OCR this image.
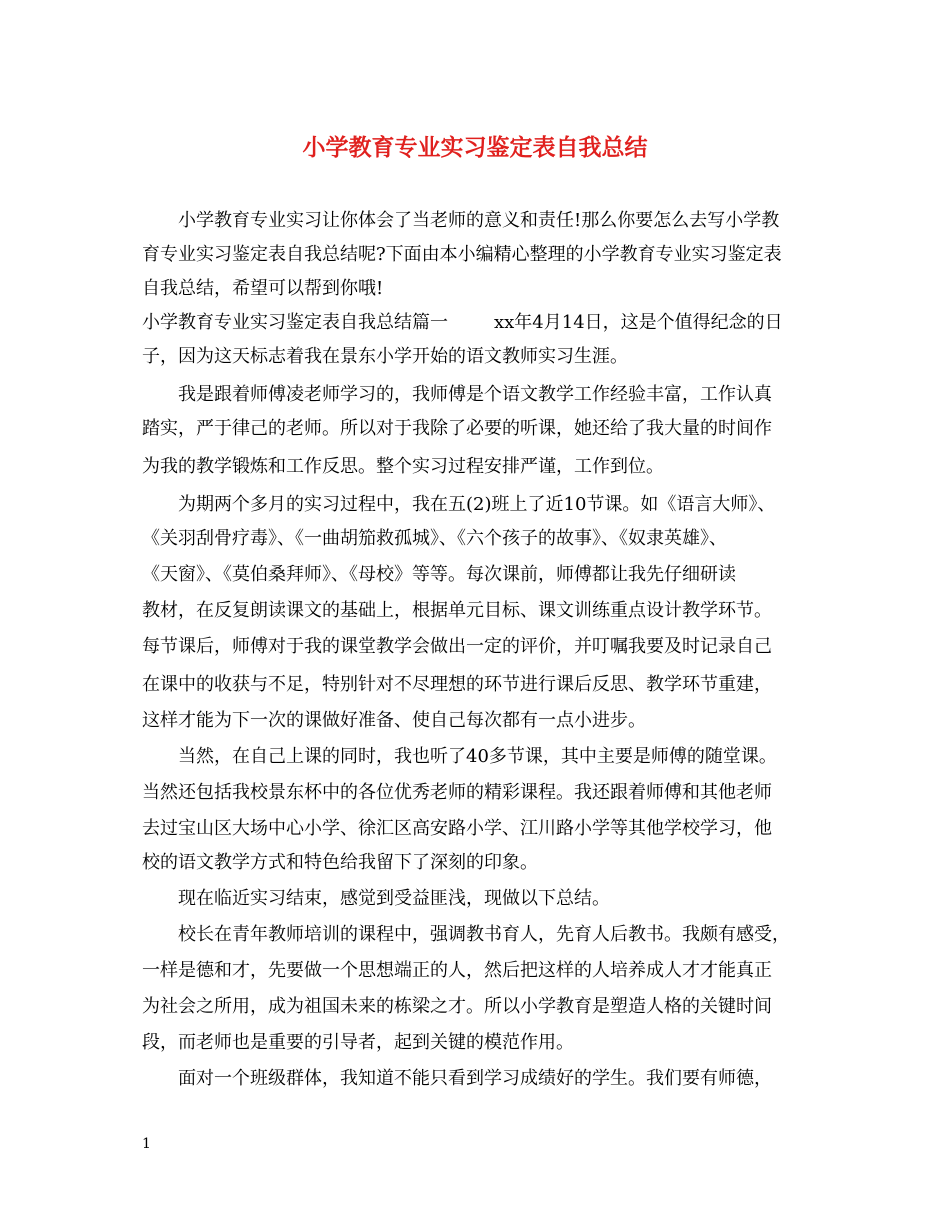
小学教育专业实习鉴定表自我总结

小学教育专业实习让你体会了当老师的意义和责任!那么你要怎么去写小学教

育专业实习鉴定表自我总结呢?下面由本小编精心整理的小学教育专业实习鉴定表

自我总结，希望可以帮到你哦!

小学教育专业实习鉴定表自我总结篇一	xx年4月14日，这是个值得纪念的日

子，因为这天标志着我在景东小学开始的语文教师实习生涯。

我是跟着师傅凌老师学习的，我师傅是个语文教学工作经验丰富，工作认真

踏实，严于律己的老师。所以对于我除了必要的听课，她还给了我大量的时间作

为我的教学锻炼和工作反思。整个实习过程安排严谨，工作到位。

为期两个多月的实习过程中，我在五(2)班上了近10节课。如《语言大师》、

《关羽刮骨疗毒》、《一曲胡笳救孤城》、《六个孩子的故事》、《奴隶英雄》、

《天窗》、《莫伯桑拜师》、《母校》等等。每次课前，师傅都让我先仔细研读

教材，在反复朗读课文的基础上，根据单元目标、课文训练重点设计教学环节。

每节课后，师傅对于我的课堂教学会做出一定的评价，并叮嘱我要及时记录自己

在课中的收获与不足，特别针对不尽理想的环节进行课后反思、教学环节重建，

这样才能为下一次的课做好准备、使自己每次都有一点小进步。

当然，在自己上课的同时，我也听了40多节课，其中主要是师傅的随堂课。

当然还包括我校景东杯中的各位优秀老师的精彩课程。我还跟着师傅和其他老师

去过宝山区大场中心小学、徐汇区高安路小学、江川路小学等其他学校学习，他

校的语文教学方式和特色给我留下了深刻的印象。

现在临近实习结束，感觉到受益匪浅，现做以下总结。

校长在青年教师培训的课程中，强调教书育人，先育人后教书。我颇有感受，

一样是德和才，先要做一个思想端正的人，然后把这样的人培养成人才才能真正

为社会之所用，成为祖国未来的栋梁之才。所以小学教育是塑造人格的关键时间

段，而老师也是重要的引导者，起到关键的模范作用。

面对一个班级群体，我知道不能只看到学习成绩好的学生。我们要有师德，

1
